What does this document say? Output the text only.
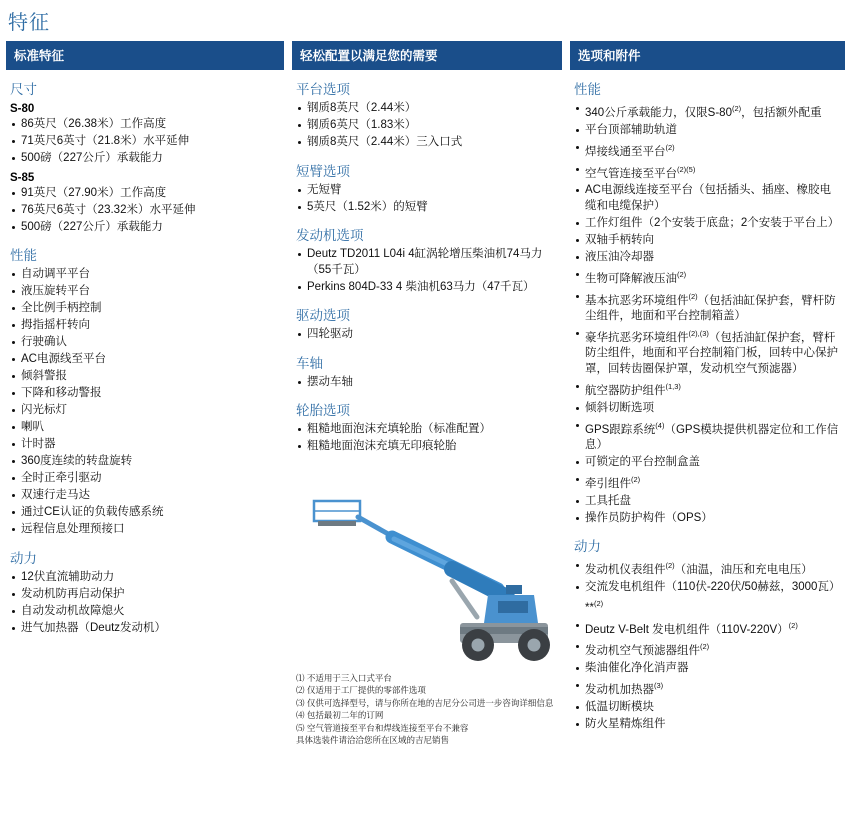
特征
标准特征
尺寸
S-80
86英尺（26.38米）工作高度
71英尺6英寸（21.8米）水平延伸
500磅（227公斤）承载能力
S-85
91英尺（27.90米）工作高度
76英尺6英寸（23.32米）水平延伸
500磅（227公斤）承载能力
性能
自动调平平台
液压旋转平台
全比例手柄控制
拇指摇杆转向
行驶确认
AC电源线至平台
倾斜警报
下降和移动警报
闪光标灯
喇叭
计时器
360度连续的转盘旋转
全时正牵引驱动
双速行走马达
通过CE认证的负载传感系统
远程信息处理预接口
动力
12伏直流辅助动力
发动机防再启动保护
自动发动机故障熄火
进气加热器（Deutz发动机）
轻松配置以满足您的需要
平台选项
钢质8英尺（2.44米）
钢质6英尺（1.83米）
钢质8英尺（2.44米）三入口式
短臂选项
无短臂
5英尺（1.52米）的短臂
发动机选项
Deutz TD2011 L04i 4缸涡轮增压柴油机74马力（55千瓦）
Perkins 804D-33 4 柴油机63马力（47千瓦）
驱动选项
四轮驱动
车轴
摆动车轴
轮胎选项
粗糙地面泡沫充填轮胎（标准配置）
粗糙地面泡沫充填无印痕轮胎
⑴ 不适用于三入口式平台
⑵ 仅适用于工厂提供的零部件选项
⑶ 仅供可选择型号，请与你所在地的吉尼分公司进一步咨询详细信息
⑷ 包括最初二年的订网
⑸ 空气管道接至平台和焊线连接至平台不兼容
具体选装件请洽洽您所在区域的吉尼销售
选项和附件
性能
340公斤承载能力，仅限S-80$^{(2)}$，包括额外配重
平台顶部辅助轨道
焊接线通至平台$^{(2)}$
空气管连接至平台$^{(2)(5)}$
AC电源线连接至平台（包括插头、插座、橡胶电缆和电缆保护）
工作灯组件（2个安装于底盘；2个安装于平台上）
双轴手柄转向
液压油冷却器
生物可降解液压油$^{(2)}$
基本抗恶劣环境组件$^{(2)}$（包括油缸保护套，臂杆防尘组件，地面和平台控制箱盖）
豪华抗恶劣环境组件$^{(2),(3)}$（包括油缸保护套，臂杆防尘组件，地面和平台控制箱门板，回转中心保护罩，回转齿圈保护罩，发动机空气预滤器）
航空器防护组件$^{(1,3)}$
倾斜切断选项
GPS跟踪系统$^{(4)}$（GPS模块提供机器定位和工作信息）
可锁定的平台控制盒盖
牵引组件$^{(2)}$
工具托盘
操作员防护构件（OPS）
动力
发动机仪表组件$^{(2)}$（油温，油压和充电电压）
交流发电机组件（110伏-220伏/50赫兹，3000瓦）**$^{(2)}$
Deutz V-Belt 发电机组件$(110V-220V)^{(2)}$
发动机空气预滤器组件$^{(2)}$
柴油催化净化消声器
发动机加热器$^{(3)}$
低温切断模块
防火星精炼组件
